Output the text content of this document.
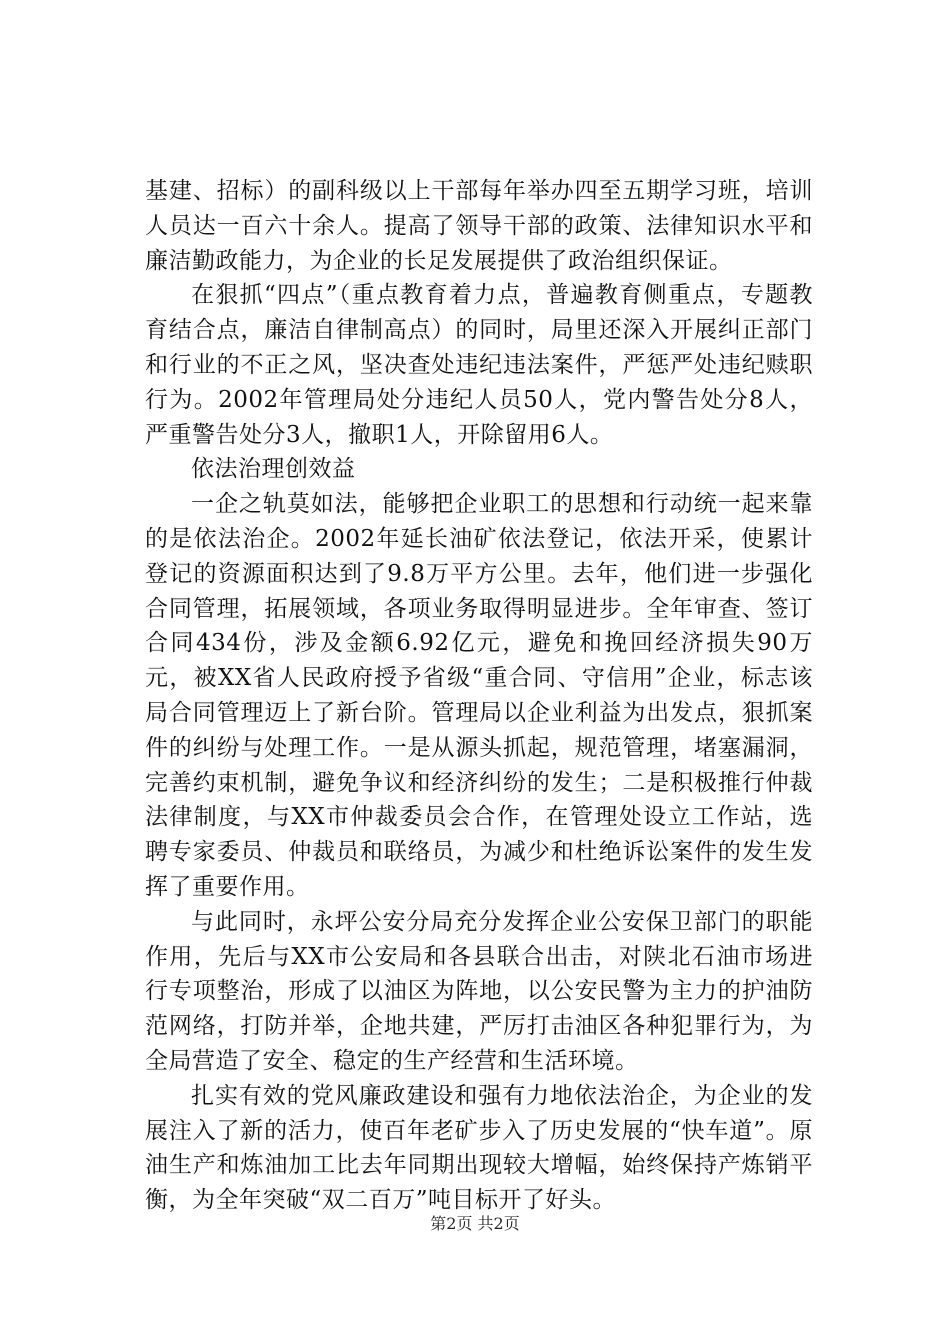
基建、招标）的副科级以上干部每年举办四至五期学习班，培训人员达一百六十余人。提高了领导干部的政策、法律知识水平和廉洁勤政能力，为企业的长足发展提供了政治组织保证。

在狠抓“四点”（重点教育着力点，普遍教育侧重点，专题教育结合点，廉洁自律制高点）的同时，局里还深入开展纠正部门和行业的不正之风，坚决查处违纪违法案件，严惩严处违纪赎职行为。2002年管理局处分违纪人员50人，党内警告处分8人，严重警告处分3人，撤职1人，开除留用6人。

依法治理创效益

一企之轨莫如法，能够把企业职工的思想和行动统一起来靠的是依法治企。2002年延长油矿依法登记，依法开采，使累计登记的资源面积达到了9.8万平方公里。去年，他们进一步强化合同管理，拓展领域，各项业务取得明显进步。全年审查、签订合同434份，涉及金额6.92亿元，避免和挽回经济损失90万元，被XX省人民政府授予省级“重合同、守信用”企业，标志该局合同管理迈上了新台阶。管理局以企业利益为出发点，狠抓案件的纠纷与处理工作。一是从源头抓起，规范管理，堵塞漏洞，完善约束机制，避免争议和经济纠纷的发生；二是积极推行仲裁法律制度，与XX市仲裁委员会合作，在管理处设立工作站，选聘专家委员、仲裁员和联络员，为减少和杜绝诉讼案件的发生发挥了重要作用。

与此同时，永坪公安分局充分发挥企业公安保卫部门的职能作用，先后与XX市公安局和各县联合出击，对陕北石油市场进行专项整治，形成了以油区为阵地，以公安民警为主力的护油防范网络，打防并举，企地共建，严厉打击油区各种犯罪行为，为全局营造了安全、稳定的生产经营和生活环境。

扎实有效的党风廉政建设和强有力地依法治企，为企业的发展注入了新的活力，使百年老矿步入了历史发展的“快车道”。原油生产和炼油加工比去年同期出现较大增幅，始终保持产炼销平衡，为全年突破“双二百万”吨目标开了好头。

第2页 共2页
